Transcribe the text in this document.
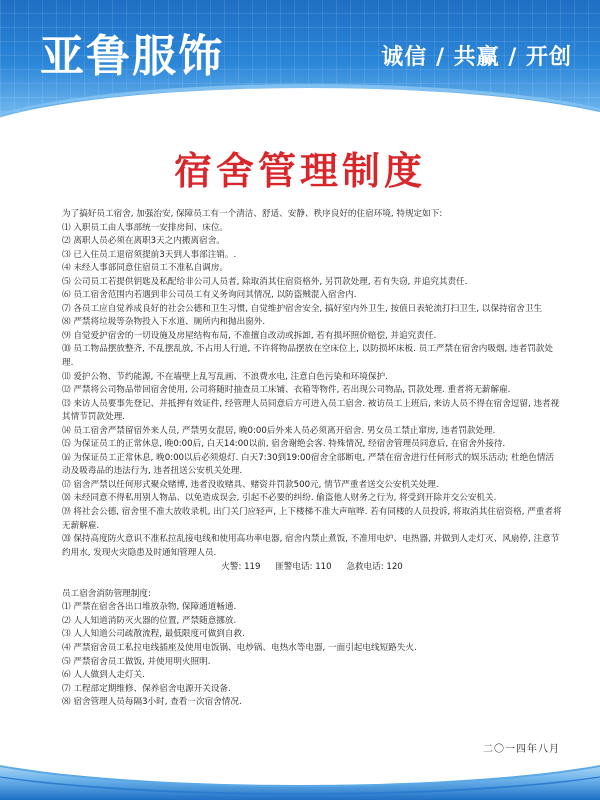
亚鲁服饰	诚信 / 共赢 / 开创
宿舍管理制度

为了搞好员工宿舍, 加强治安, 保障员工有一个清洁、舒适、安静、秩序良好的住宿环境, 特规定如下:

⑴ 入职员工由人事部统一安排房间、床位。

⑵ 离职人员必须在离职3天之内搬离宿舍。

⑶ 已入住员工退宿须提前3天到人事部注销。.

⑷ 未经人事部同意住宿员工不准私自调房。

⑸ 公司员工若提供钥匙及私配给非公司人员者, 除取消其住宿资格外, 另罚款处理, 若有失窃, 并追究其责任.

⑹ 员工宿舍范围内若遇到非公司员工有义务询问其情况, 以防盗贼混入宿舍内.

⑺ 各员工应自觉养成良好的社会公德和卫生习惯, 自觉维护宿舍安全, 搞好室内外卫生, 按值日表轮流打扫卫生, 以保持宿舍卫生

⑻ 严禁将垃圾等杂物投入下水道、厕所内和抛出窗外.

⑼ 自觉爱护宿舍的一切设施及房屋结构布局, 不准擅自改动或拆卸, 若有损坏照价赔偿, 并追究责任.

⑽ 员工物品摆放整齐, 不乱摆乱放, 不占用人行道, 不许将物品摆放在空床位上, 以防损坏床板. 员工严禁在宿舍内吸烟, 违者罚款处理.

⑾ 爱护公物、节约能源, 不在墙壁上乱写乱画、不浪费水电, 注意白色污染和环境保护.

⑿ 严禁将公司物品带回宿舍使用, 公司将随时抽查员工床铺、衣箱等物件, 若出现公司物品, 罚款处理. 重者将无薪解雇.

⒀ 来访人员要事先登记、并抵押有效证件, 经管理人员同意后方可进入员工宿舍. 被访员工上班后, 来访人员不得在宿舍逗留, 违者视其情节罚款处理.

⒁ 员工宿舍严禁留宿外来人员, 严禁男女混居, 晚0:00后外来人员必须离开宿舍. 男女员工禁止窜房, 违者罚款处理.

⒂ 为保证员工的正常休息, 晚0:00后, 白天14:00以前, 宿舍谢绝会客. 特殊情况, 经宿舍管理员同意后, 在宿舍外接待.

⒃ 为保证员工正常休息, 晚0:00以后必须熄灯. 白天7:30到19:00宿舍全部断电, 严禁在宿舍进行任何形式的娱乐活动; 杜绝色情活动及吸毒品的违法行为, 违者扭送公安机关处理.

⒄ 宿舍严禁以任何形式聚众赌博, 违者没收赌具、赌资并罚款500元, 情节严重者送交公安机关处理.

⒅ 未经同意不得私用别人物品、以免造成误会, 引起不必要的纠纷. 偷盗他人财务之行为, 将受到开除并交公安机关.

⒆ 将社会公德, 宿舍里不准大放收录机, 出门关门应轻声, 上下楼梯不准大声喧哗. 若有同楼的人员投诉, 将取消其住宿资格, 严重者将无薪解雇.

⒇ 保持高度防火意识不准私拉乱接电线和使用高功率电器, 宿舍内禁止煮饭, 不准用电炉、电热器, 并做到人走灯灭、风扇停, 注意节约用水, 发现火灾隐患及时通知管理人员.

火警: 119 匪警电话: 110 急救电话: 120

员工宿舍消防管理制度:

⑴ 严禁在宿舍各出口堆放杂物, 保障通道畅通.

⑵ 人人知道消防灭火器的位置, 严禁随意挪放.

⑶ 人人知道公司疏散流程, 最低限度可做到自救.

⑷ 严禁宿舍员工私拉电线插座及使用电饭锅、电炒锅、电热水等电器, 一面引起电线短路失火.

⑸ 严禁宿舍员工做饭, 并使用明火照明.

⑹ 人人做到人走灯关.

⑺ 工程部定期维修、保养宿舍电源开关设备.

⑻ 宿舍管理人员每隔3小时, 查看一次宿舍情况.

二〇一四年八月
